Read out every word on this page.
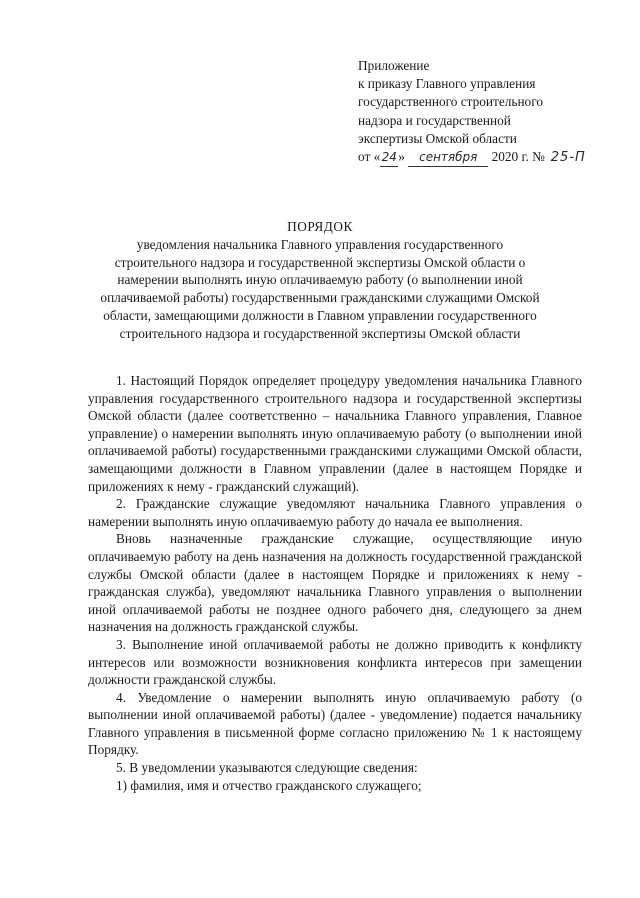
Приложение
к приказу Главного управления
государственного строительного
надзора и государственной
экспертизы Омской области
от «24» сентября 2020 г. № 25-П
ПОРЯДОК
уведомления начальника Главного управления государственного строительного надзора и государственной экспертизы Омской области о намерении выполнять иную оплачиваемую работу (о выполнении иной оплачиваемой работы) государственными гражданскими служащими Омской области, замещающими должности в Главном управлении государственного строительного надзора и государственной экспертизы Омской области

1. Настоящий Порядок определяет процедуру уведомления начальника Главного управления государственного строительного надзора и государственной экспертизы Омской области (далее соответственно – начальника Главного управления, Главное управление) о намерении выполнять иную оплачиваемую работу (о выполнении иной оплачиваемой работы) государственными гражданскими служащими Омской области, замещающими должности в Главном управлении (далее в настоящем Порядке и приложениях к нему - гражданский служащий).

2. Гражданские служащие уведомляют начальника Главного управления о намерении выполнять иную оплачиваемую работу до начала ее выполнения.

Вновь назначенные гражданские служащие, осуществляющие иную оплачиваемую работу на день назначения на должность государственной гражданской службы Омской области (далее в настоящем Порядке и приложениях к нему - гражданская служба), уведомляют начальника Главного управления о выполнении иной оплачиваемой работы не позднее одного рабочего дня, следующего за днем назначения на должность гражданской службы.

3. Выполнение иной оплачиваемой работы не должно приводить к конфликту интересов или возможности возникновения конфликта интересов при замещении должности гражданской службы.

4. Уведомление о намерении выполнять иную оплачиваемую работу (о выполнении иной оплачиваемой работы) (далее - уведомление) подается начальнику Главного управления в письменной форме согласно приложению № 1 к настоящему Порядку.

5. В уведомлении указываются следующие сведения:

1) фамилия, имя и отчество гражданского служащего;
